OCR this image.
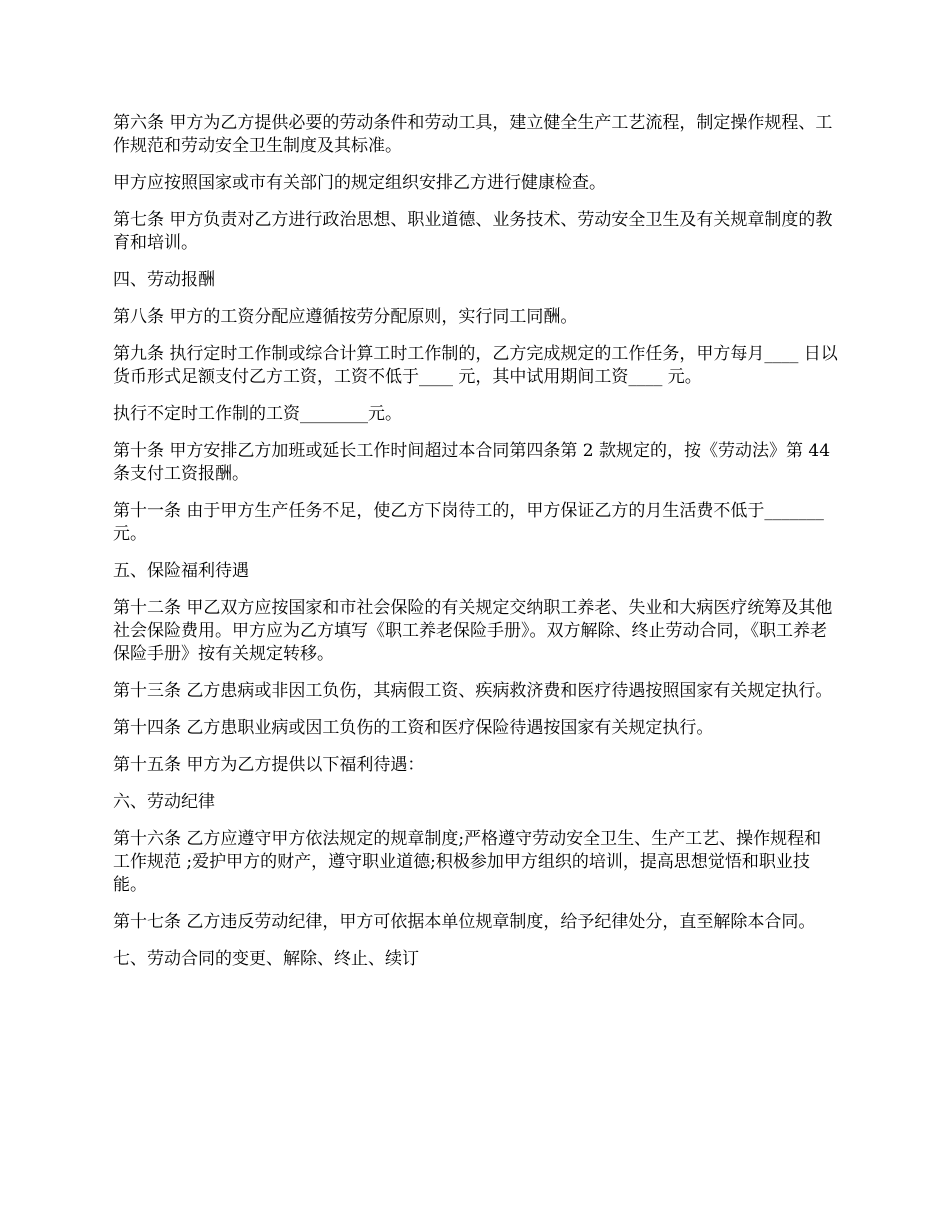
第六条 甲方为乙方提供必要的劳动条件和劳动工具，建立健全生产工艺流程，制定操作规程、工作规范和劳动安全卫生制度及其标准。

甲方应按照国家或市有关部门的规定组织安排乙方进行健康检查。

第七条 甲方负责对乙方进行政治思想、职业道德、业务技术、劳动安全卫生及有关规章制度的教育和培训。

四、劳动报酬

第八条 甲方的工资分配应遵循按劳分配原则，实行同工同酬。

第九条 执行定时工作制或综合计算工时工作制的，乙方完成规定的工作任务，甲方每月____ 日以货币形式足额支付乙方工资，工资不低于____ 元，其中试用期间工资____ 元。

执行不定时工作制的工资________元。

第十条 甲方安排乙方加班或延长工作时间超过本合同第四条第 2 款规定的，按《劳动法》第 44 条支付工资报酬。

第十一条 由于甲方生产任务不足，使乙方下岗待工的，甲方保证乙方的月生活费不低于_______元。

五、保险福利待遇

第十二条 甲乙双方应按国家和市社会保险的有关规定交纳职工养老、失业和大病医疗统筹及其他社会保险费用。甲方应为乙方填写《职工养老保险手册》。双方解除、终止劳动合同，《职工养老保险手册》按有关规定转移。

第十三条 乙方患病或非因工负伤，其病假工资、疾病救济费和医疗待遇按照国家有关规定执行。

第十四条 乙方患职业病或因工负伤的工资和医疗保险待遇按国家有关规定执行。

第十五条 甲方为乙方提供以下福利待遇：

六、劳动纪律

第十六条 乙方应遵守甲方依法规定的规章制度;严格遵守劳动安全卫生、生产工艺、操作规程和工作规范 ;爱护甲方的财产，遵守职业道德;积极参加甲方组织的培训，提高思想觉悟和职业技能。

第十七条 乙方违反劳动纪律，甲方可依据本单位规章制度，给予纪律处分，直至解除本合同。

七、劳动合同的变更、解除、终止、续订
